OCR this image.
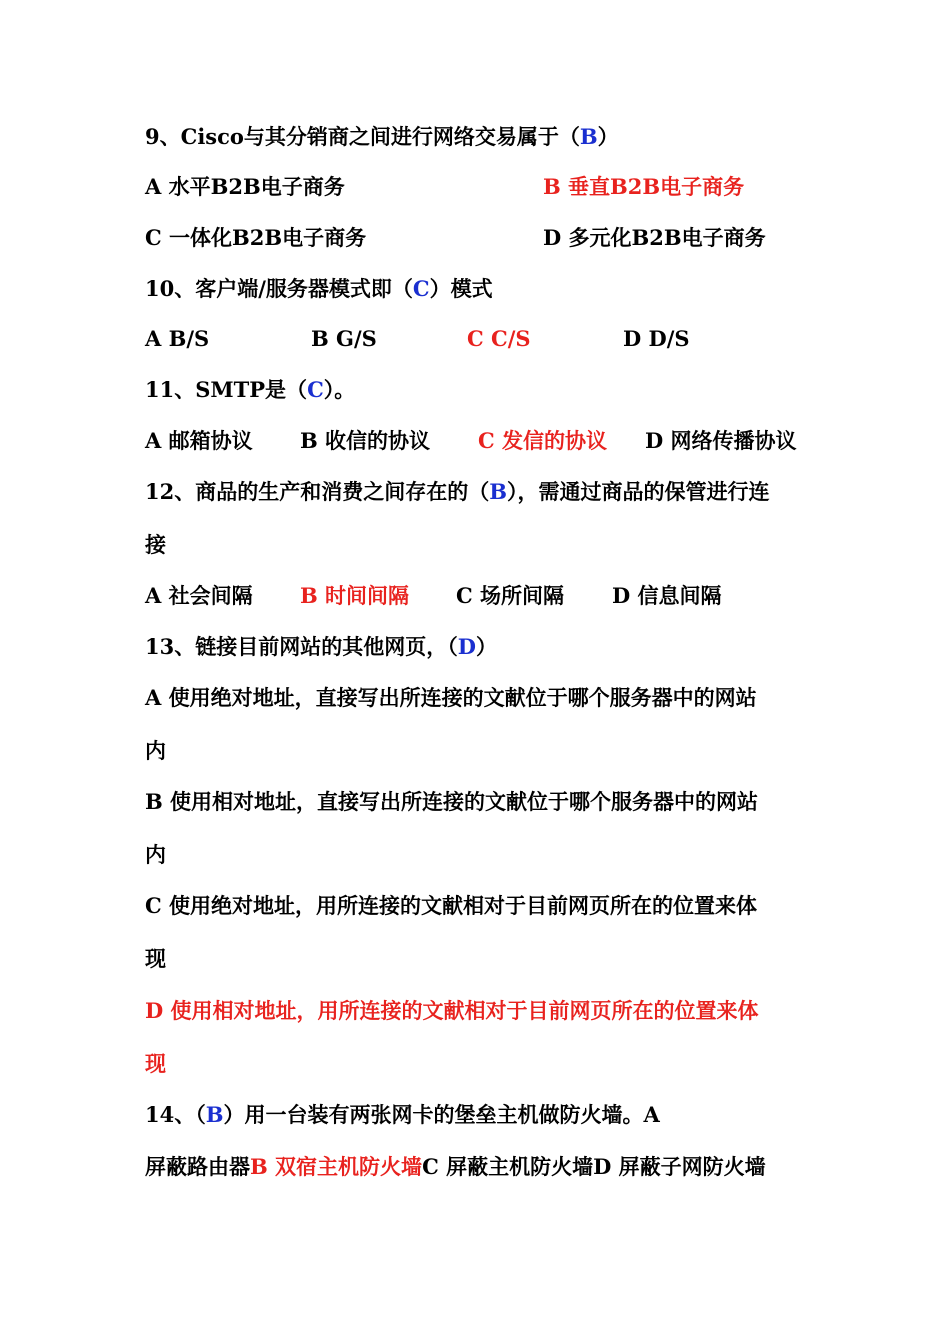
9、Cisco与其分销商之间进行网络交易属于（B）
A 水平B2B电子商务	B 垂直B2B电子商务
C 一体化B2B电子商务	D 多元化B2B电子商务
10、客户端/服务器模式即（C）模式
A B/S	B G/S	C C/S	D D/S
11、SMTP是（C）。
A 邮箱协议 B 收信的协议 C 发信的协议 D 网络传播协议
12、商品的生产和消费之间存在的（B），需通过商品的保管进行连
接
A 社会间隔 B 时间间隔 C 场所间隔 D 信息间隔
13、链接目前网站的其他网页，（D）
A 使用绝对地址，直接写出所连接的文献位于哪个服务器中的网站
内
B 使用相对地址，直接写出所连接的文献位于哪个服务器中的网站
内
C 使用绝对地址，用所连接的文献相对于目前网页所在的位置来体
现
D 使用相对地址，用所连接的文献相对于目前网页所在的位置来体
现
14、（B）用一台装有两张网卡的堡垒主机做防火墙。A
屏蔽路由器B 双宿主机防火墙C 屏蔽主机防火墙D 屏蔽子网防火墙
